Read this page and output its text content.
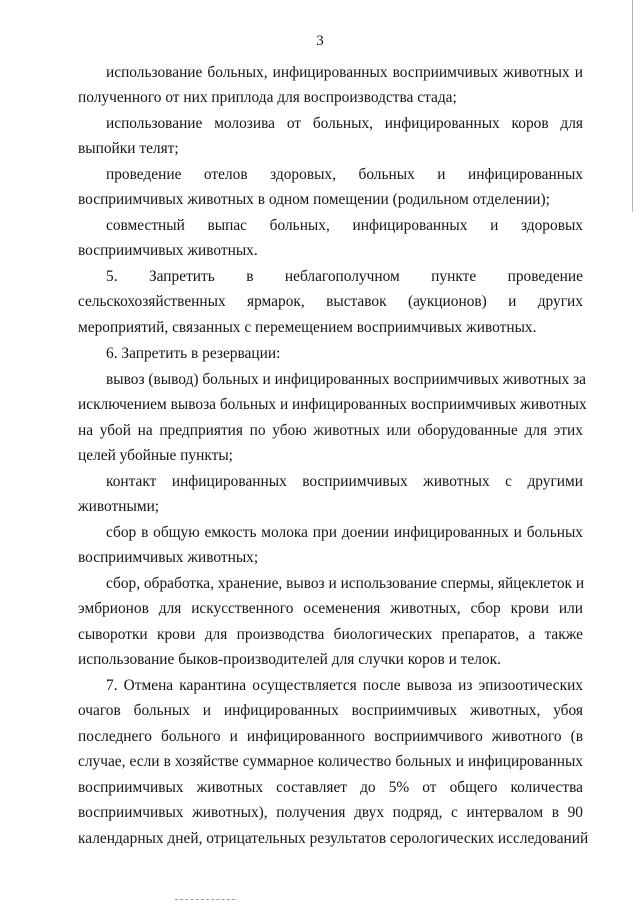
3
использование больных, инфицированных восприимчивых животных и
полученного от них приплода для воспроизводства стада;
использование молозива от больных, инфицированных коров для
выпойки телят;
проведение отелов здоровых, больных и инфицированных
восприимчивых животных в одном помещении (родильном отделении);
совместный выпас больных, инфицированных и здоровых
восприимчивых животных.
5. Запретить в неблагополучном пункте проведение
сельскохозяйственных ярмарок, выставок (аукционов) и других
мероприятий, связанных с перемещением восприимчивых животных.
6. Запретить в резервации:
вывоз (вывод) больных и инфицированных восприимчивых животных за
исключением вывоза больных и инфицированных восприимчивых животных
на убой на предприятия по убою животных или оборудованные для этих
целей убойные пункты;
контакт инфицированных восприимчивых животных с другими
животными;
сбор в общую емкость молока при доении инфицированных и больных
восприимчивых животных;
сбор, обработка, хранение, вывоз и использование спермы, яйцеклеток и
эмбрионов для искусственного осеменения животных, сбор крови или
сыворотки крови для производства биологических препаратов, а также
использование быков-производителей для случки коров и телок.
7. Отмена карантина осуществляется после вывоза из эпизоотических
очагов больных и инфицированных восприимчивых животных, убоя
последнего больного и инфицированного восприимчивого животного (в
случае, если в хозяйстве суммарное количество больных и инфицированных
восприимчивых животных составляет до 5% от общего количества
восприимчивых животных), получения двух подряд, с интервалом в 90
календарных дней, отрицательных результатов серологических исследований
